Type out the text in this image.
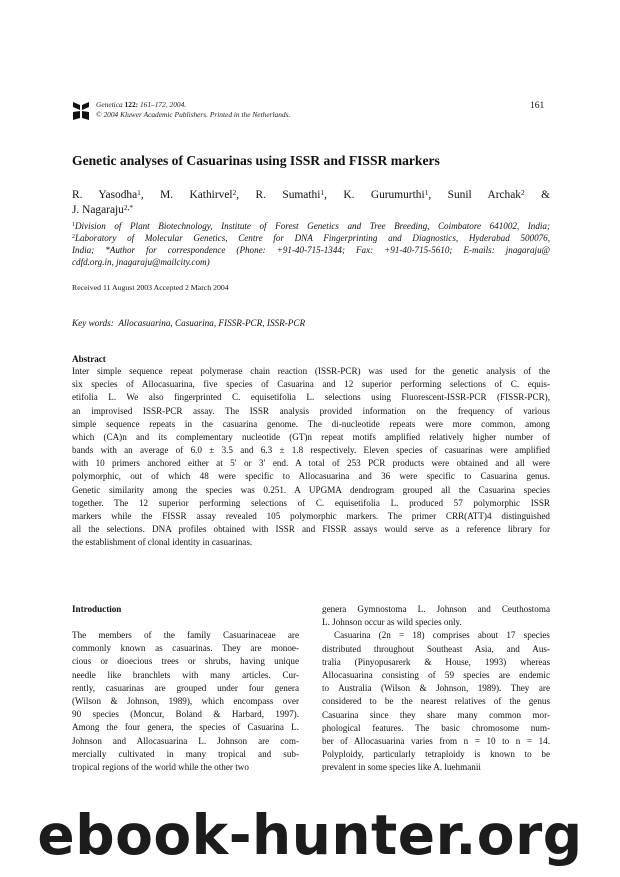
Genetica 122: 161–172, 2004.
© 2004 Kluwer Academic Publishers. Printed in the Netherlands.
161
Genetic analyses of Casuarinas using ISSR and FISSR markers
R. Yasodha$^1$, M. Kathirvel$^2$, R. Sumathi$^1$, K. Gurumurthi$^1$, Sunil Archak$^2$ &
J. Nagaraju$^{2,*}$
$^1$Division of Plant Biotechnology, Institute of Forest Genetics and Tree Breeding, Coimbatore 641002, India;
$^2$Laboratory of Molecular Genetics, Centre for DNA Fingerprinting and Diagnostics, Hyderabad 500076,
India; *Author for correspondence (Phone: +91-40-715-1344; Fax: +91-40-715-5610; E-mails: jnagaraju@
cdfd.org.in, jnagaraju@mailcity.com)
Received 11 August 2003 Accepted 2 March 2004
Key words: Allocasuarina, Casuarina, FISSR-PCR, ISSR-PCR
Abstract
Inter simple sequence repeat polymerase chain reaction (ISSR-PCR) was used for the genetic analysis of the
six species of Allocasuarina, five species of Casuarina and 12 superior performing selections of C. equis-
etifolia L. We also fingerprinted C. equisetifolia L. selections using Fluorescent-ISSR-PCR (FISSR-PCR),
an improvised ISSR-PCR assay. The ISSR analysis provided information on the frequency of various
simple sequence repeats in the casuarina genome. The di-nucleotide repeats were more common, among
which (CA)n and its complementary nucleotide (GT)n repeat motifs amplified relatively higher number of
bands with an average of 6.0 ± 3.5 and 6.3 ± 1.8 respectively. Eleven species of casuarinas were amplified
with 10 primers anchored either at 5′ or 3′ end. A total of 253 PCR products were obtained and all were
polymorphic, out of which 48 were specific to Allocasuarina and 36 were specific to Casuarina genus.
Genetic similarity among the species was 0.251. A UPGMA dendrogram grouped all the Casuarina species
together. The 12 superior performing selections of C. equisetifolia L. produced 57 polymorphic ISSR
markers while the FISSR assay revealed 105 polymorphic markers. The primer CRR(ATT)4 distinguished
all the selections. DNA profiles obtained with ISSR and FISSR assays would serve as a reference library for
the establishment of clonal identity in casuarinas.
Introduction
The members of the family Casuarinaceae are
commonly known as casuarinas. They are monoe-
cious or dioecious trees or shrubs, having unique
needle like branchlets with many articles. Cur-
rently, casuarinas are grouped under four genera
(Wilson & Johnson, 1989), which encompass over
90 species (Moncur, Boland & Harbard, 1997).
Among the four genera, the species of Casuarina L.
Johnson and Allocasuarina L. Johnson are com-
mercially cultivated in many tropical and sub-
tropical regions of the world while the other two
genera Gymnostoma L. Johnson and Ceuthostoma
L. Johnson occur as wild species only.
Casuarina (2n = 18) comprises about 17 species
distributed throughout Southeast Asia, and Aus-
tralia (Pinyopusarerk & House, 1993) whereas
Allocasuarina consisting of 59 species are endemic
to Australia (Wilson & Johnson, 1989). They are
considered to be the nearest relatives of the genus
Casuarina since they share many common mor-
phological features. The basic chromosome num-
ber of Allocasuarina varies from n = 10 to n = 14.
Polyploidy, particularly tetraploidy is known to be
prevalent in some species like A. luehmanii
ebook-hunter.org
